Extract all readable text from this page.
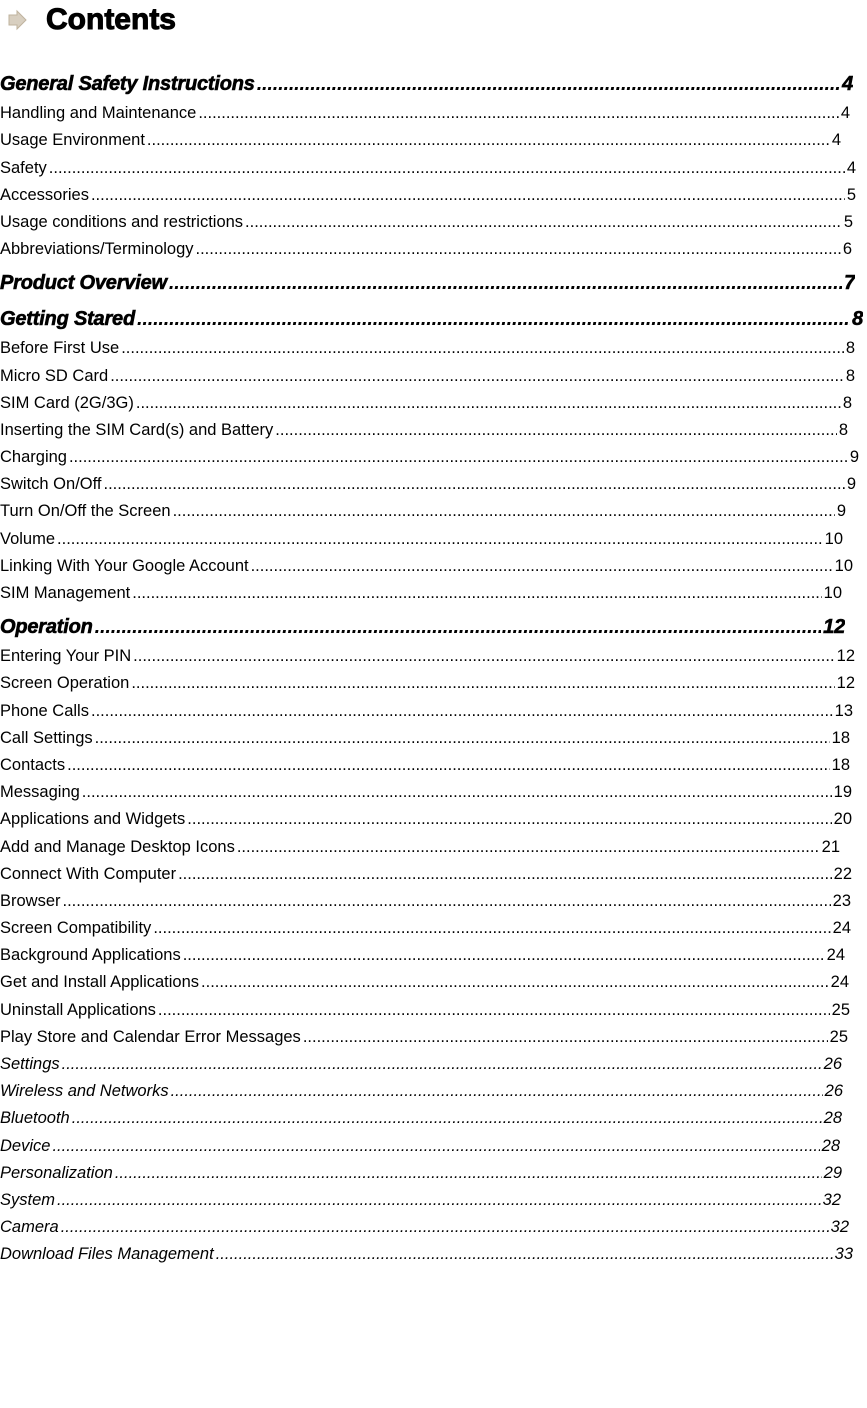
Contents
General Safety Instructions .....	4
Handling and Maintenance .....	4
Usage Environment .....	4
Safety .....	4
Accessories .....	5
Usage conditions and restrictions .....	5
Abbreviations/Terminology .....	6
Product Overview .....	7
Getting Stared .....	8
Before First Use .....	8
Micro SD Card .....	8
SIM Card (2G/3G) .....	8
Inserting the SIM Card(s) and Battery .....	8
Charging .....	9
Switch On/Off .....	9
Turn On/Off the Screen .....	9
Volume .....	10
Linking With Your Google Account .....	10
SIM Management .....	10
Operation .....	12
Entering Your PIN .....	12
Screen Operation .....	12
Phone Calls .....	13
Call Settings .....	18
Contacts .....	18
Messaging .....	19
Applications and Widgets .....	20
Add and Manage Desktop Icons .....	21
Connect With Computer .....	22
Browser .....	23
Screen Compatibility .....	24
Background Applications .....	24
Get and Install Applications .....	24
Uninstall Applications .....	25
Play Store and Calendar Error Messages .....	25
Settings .....	26
Wireless and Networks .....	26
Bluetooth .....	28
Device .....	28
Personalization .....	29
System .....	32
Camera .....	32
Download Files Management .....	33
